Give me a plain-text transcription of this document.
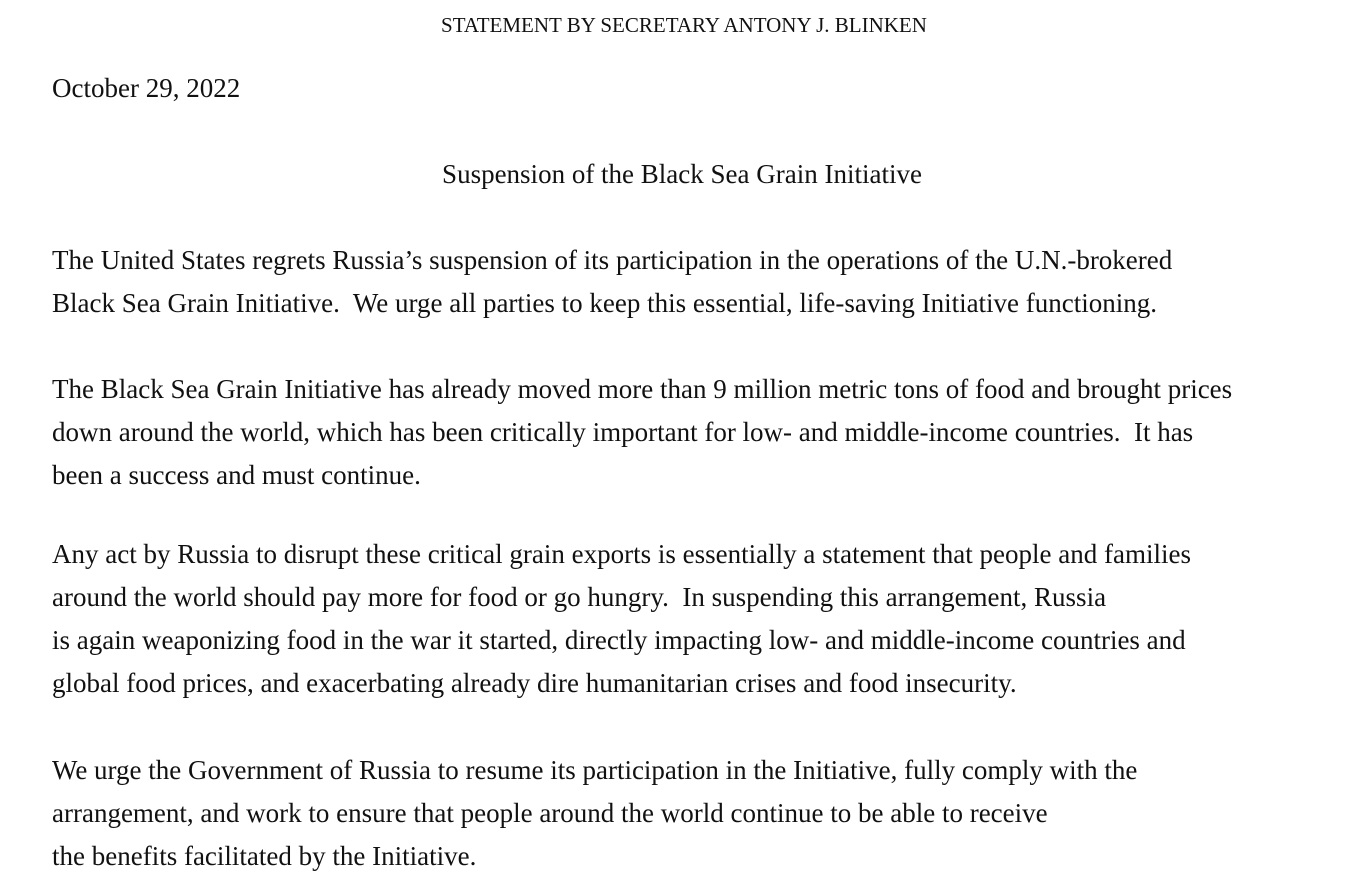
STATEMENT BY SECRETARY ANTONY J. BLINKEN
October 29, 2022
Suspension of the Black Sea Grain Initiative
The United States regrets Russia’s suspension of its participation in the operations of the U.N.-brokered
Black Sea Grain Initiative.  We urge all parties to keep this essential, life-saving Initiative functioning.
The Black Sea Grain Initiative has already moved more than 9 million metric tons of food and brought prices
down around the world, which has been critically important for low- and middle-income countries.  It has
been a success and must continue.
Any act by Russia to disrupt these critical grain exports is essentially a statement that people and families
around the world should pay more for food or go hungry.  In suspending this arrangement, Russia
is again weaponizing food in the war it started, directly impacting low- and middle-income countries and
global food prices, and exacerbating already dire humanitarian crises and food insecurity.
We urge the Government of Russia to resume its participation in the Initiative, fully comply with the
arrangement, and work to ensure that people around the world continue to be able to receive
the benefits facilitated by the Initiative.
